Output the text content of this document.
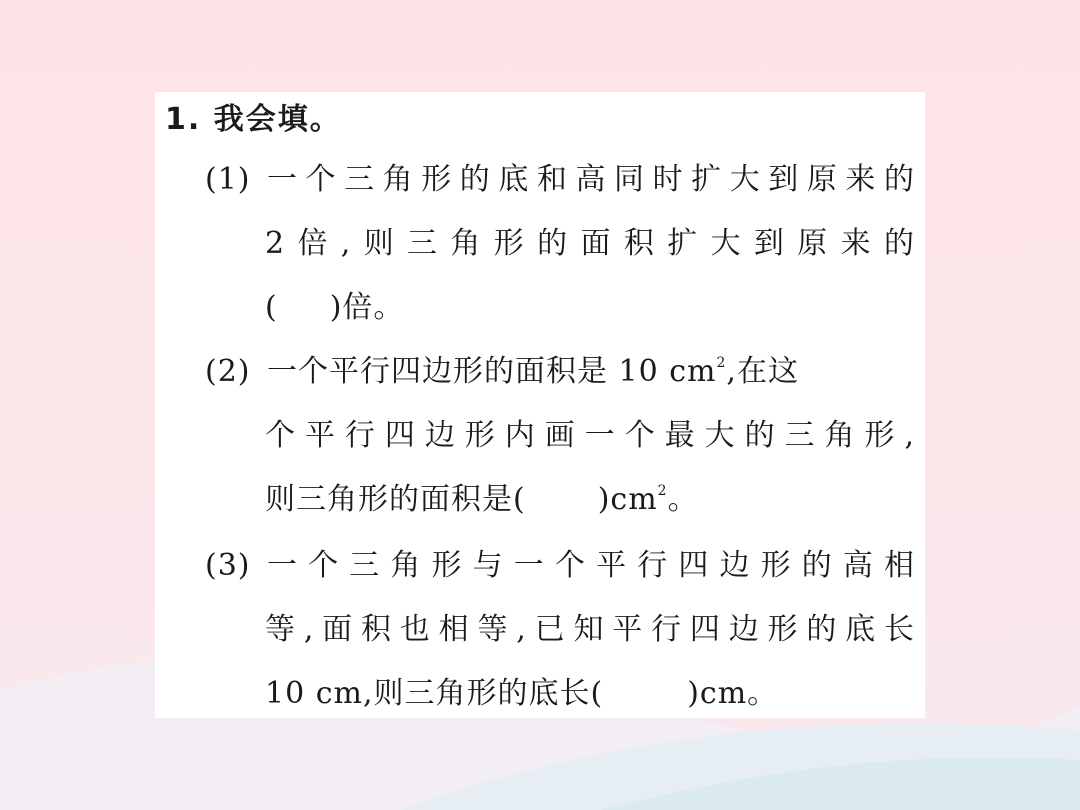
1. 我会填。
(1) 一个三角形的底和高同时扩大到原来的
2倍,则三角形的面积扩大到原来的
( )倍。
(2) 一个平行四边形的面积是 10 $cm^2$,在这
个平行四边形内画一个最大的三角形,
则三角形的面积是( )$cm^2$。
(3) 一个三角形与一个平行四边形的高相
等,面积也相等,已知平行四边形的底长
10 cm,则三角形的底长(	)cm。
